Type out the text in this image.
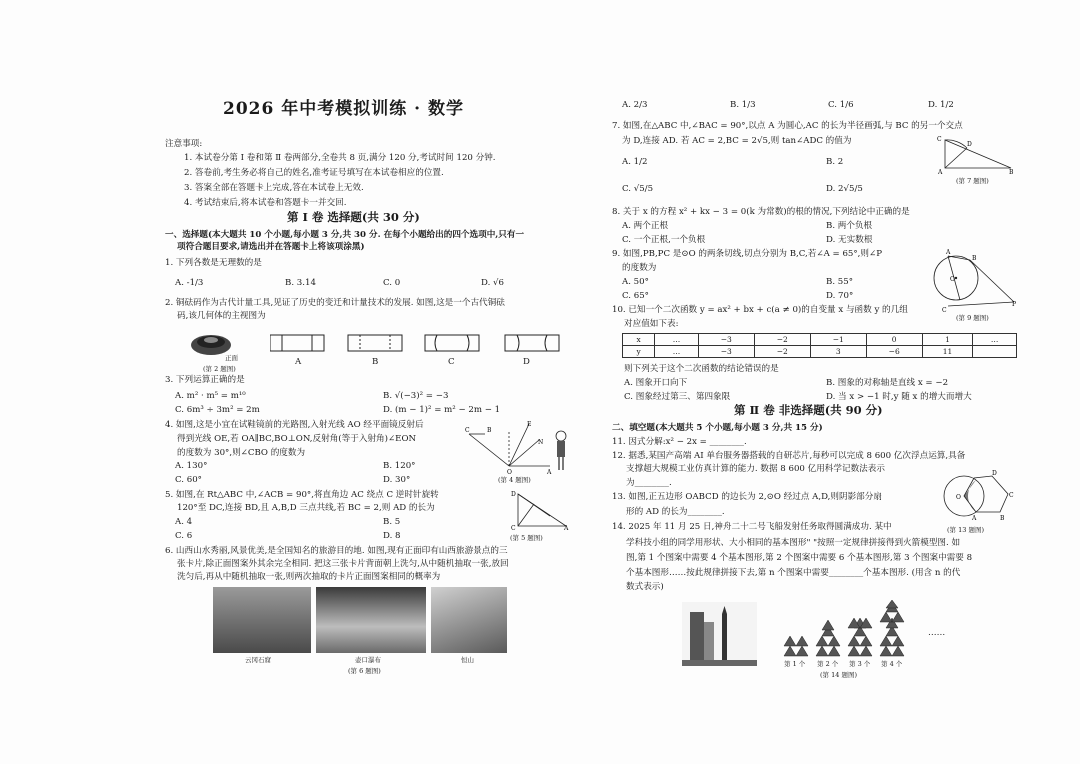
2026 年中考模拟训练 · 数学
注意事项:
1. 本试卷分第 Ⅰ 卷和第 Ⅱ 卷两部分,全卷共 8 页,满分 120 分,考试时间 120 分钟.
2. 答卷前,考生务必将自己的姓名,准考证号填写在本试卷相应的位置.
3. 答案全部在答题卡上完成,答在本试卷上无效.
4. 考试结束后,将本试卷和答题卡一并交回.
第 Ⅰ 卷 选择题(共 30 分)
一、选择题(本大题共 10 个小题,每小题 3 分,共 30 分. 在每个小题给出的四个选项中,只有一
项符合题目要求,请选出并在答题卡上将该项涂黑)
1. 下列各数是无理数的是
A. -1/3	B. 3.14	C. 0	D. √6
2. 铜砝码作为古代计量工具,见证了历史的变迁和计量技术的发展. 如图,这是一个古代铜砝
码,该几何体的主视图为
正面
(第 2 题图)
A	B	C	D
3. 下列运算正确的是
A. m² · m⁵ = m¹⁰	B. √(−3)² = −3
C. 6m³ ÷ 3m² = 2m	D. (m − 1)² = m² − 2m − 1
4. 如图,这是小宜在试鞋镜前的光路图,入射光线 AO 经平面镜反射后
得到光线 OE,若 OA∥BC,BO⊥ON,反射角(等于入射角)∠EON
的度数为 30°,则∠CBO 的度数为
A. 130°	B. 120°
C. 60°	D. 30°
C	B
E
N
O	A
(第 4 题图)
5. 如图,在 Rt△ABC 中,∠ACB = 90°,将直角边 AC 绕点 C 逆时针旋转
120°至 DC,连接 BD,且 A,B,D 三点共线,若 BC = 2,则 AD 的长为
A. 4	B. 5
C. 6	D. 8
D
C	A
(第 5 题图)
6. 山西山水秀丽,风景优美,是全国知名的旅游目的地. 如图,现有正面印有山西旅游景点的三
张卡片,除正面图案外其余完全相同. 把这三张卡片背面朝上洗匀,从中随机抽取一张,放回
洗匀后,再从中随机抽取一张,则两次抽取的卡片正面图案相同的概率为
云冈石窟	壶口瀑布	恒山
(第 6 题图)
A. 2/3	B. 1/3	C. 1/6	D. 1/2
7. 如图,在△ABC 中,∠BAC = 90°,以点 A 为圆心,AC 的长为半径画弧,与 BC 的另一个交点
为 D,连接 AD. 若 AC = 2,BC = 2√5,则 tan∠ADC 的值为
A. 1/2	B. 2
C. √5/5	D. 2√5/5
C
D
A	B
(第 7 题图)
8. 关于 x 的方程 x² + kx − 3 = 0(k 为常数)的根的情况,下列结论中正确的是
A. 两个正根	B. 两个负根
C. 一个正根,一个负根	D. 无实数根
9. 如图,PB,PC 是⊙O 的两条切线,切点分别为 B,C,若∠A = 65°,则∠P
的度数为
A. 50°	B. 55°
C. 65°	D. 70°
A
B
O
C
P
10. 已知一个二次函数 y = ax² + bx + c(a ≠ 0)的自变量 x 与函数 y 的几组
对应值如下表:
(第 9 题图)
x	…	−3	−2	−1	0	1	…
y	…	−3	−2	3	−6	11	
则下列关于这个二次函数的结论错误的是
A. 图象开口向下	B. 图象的对称轴是直线 x = −2
C. 图象经过第三、第四象限	D. 当 x > −1 时,y 随 x 的增大而增大
第 Ⅱ 卷 非选择题(共 90 分)
二、填空题(本大题共 5 个小题,每小题 3 分,共 15 分)
11. 因式分解:x² − 2x = ________.
12. 据悉,某国产高端 AI 单台服务器搭载的自研芯片,每秒可以完成 8 600 亿次浮点运算,具备
支撑超大规模工业仿真计算的能力. 数据 8 600 亿用科学记数法表示
为________.
13. 如图,正五边形 OABCD 的边长为 2,⊙O 经过点 A,D,则阴影部分扇
形的 AD 的长为________.
O
A	B
C
D
(第 13 题图)
14. 2025 年 11 月 25 日,神舟二十二号飞船发射任务取得圆满成功. 某中
学科技小组的同学用形状、大小相同的基本图形" "按照一定规律拼接得到火箭模型图. 如
图,第 1 个图案中需要 4 个基本图形,第 2 个图案中需要 6 个基本图形,第 3 个图案中需要 8
个基本图形……按此规律拼接下去,第 n 个图案中需要________个基本图形. (用含 n 的代
数式表示)
……
第 1 个 第 2 个 第 3 个 第 4 个
(第 14 题图)
